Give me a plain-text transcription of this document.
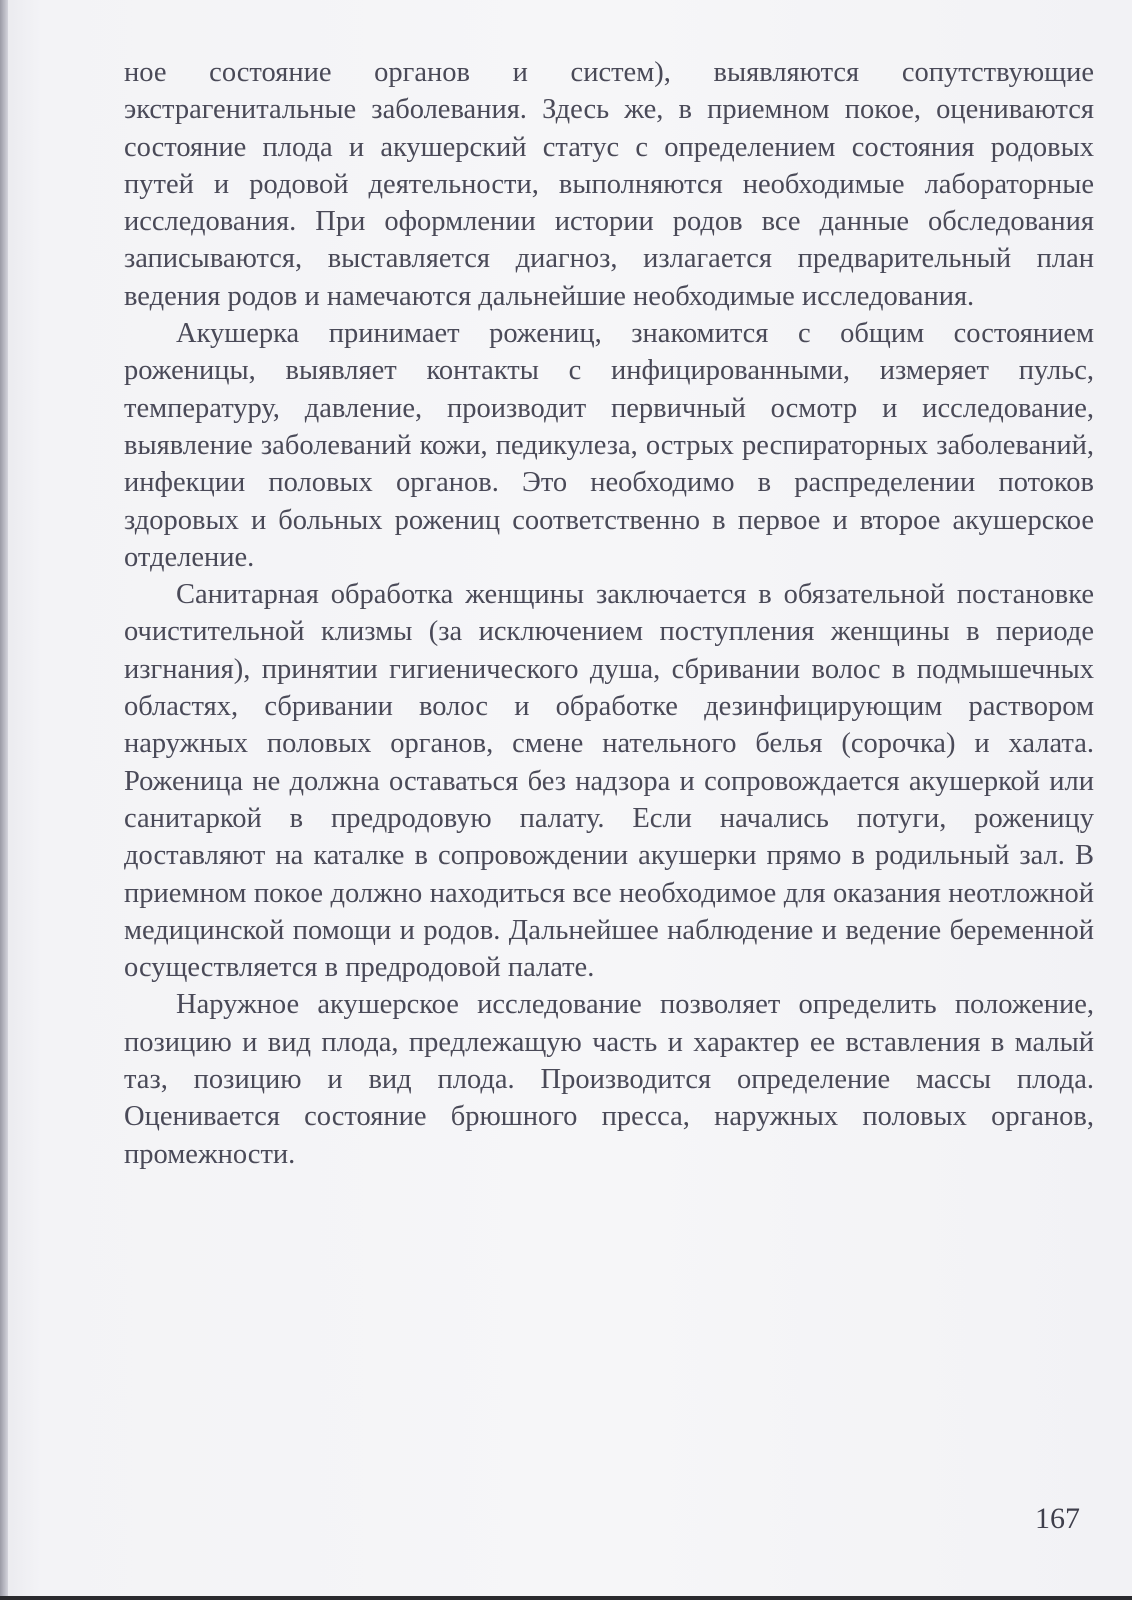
ное состояние органов и систем), выявляются сопутствующие экстрагенитальные заболевания. Здесь же, в приемном покое, оцениваются состояние плода и акушерский статус с определением состояния родовых путей и родовой деятельности, выполняются необходимые лабораторные исследования. При оформлении истории родов все данные обследования записываются, выставляется диагноз, излагается предварительный план ведения родов и намечаются дальнейшие необходимые исследования.

Акушерка принимает рожениц, знакомится с общим состоянием роженицы, выявляет контакты с инфицированными, измеряет пульс, температуру, давление, производит первичный осмотр и исследование, выявление заболеваний кожи, педикулеза, острых респираторных заболеваний, инфекции половых органов. Это необходимо в распределении потоков здоровых и больных рожениц соответственно в первое и второе акушерское отделение.

Санитарная обработка женщины заключается в обязательной постановке очистительной клизмы (за исключением поступления женщины в периоде изгнания), принятии гигиенического душа, сбривании волос в подмышечных областях, сбривании волос и обработке дезинфицирующим раствором наружных половых органов, смене нательного белья (сорочка) и халата. Роженица не должна оставаться без надзора и сопровождается акушеркой или санитаркой в предродовую палату. Если начались потуги, роженицу доставляют на каталке в сопровождении акушерки прямо в родильный зал. В приемном покое должно находиться все необходимое для оказания неотложной медицинской помощи и родов. Дальнейшее наблюдение и ведение беременной осуществляется в предродовой палате.

Наружное акушерское исследование позволяет определить положение, позицию и вид плода, предлежащую часть и характер ее вставления в малый таз, позицию и вид плода. Производится определение массы плода. Оценивается состояние брюшного пресса, наружных половых органов, промежности.

167
